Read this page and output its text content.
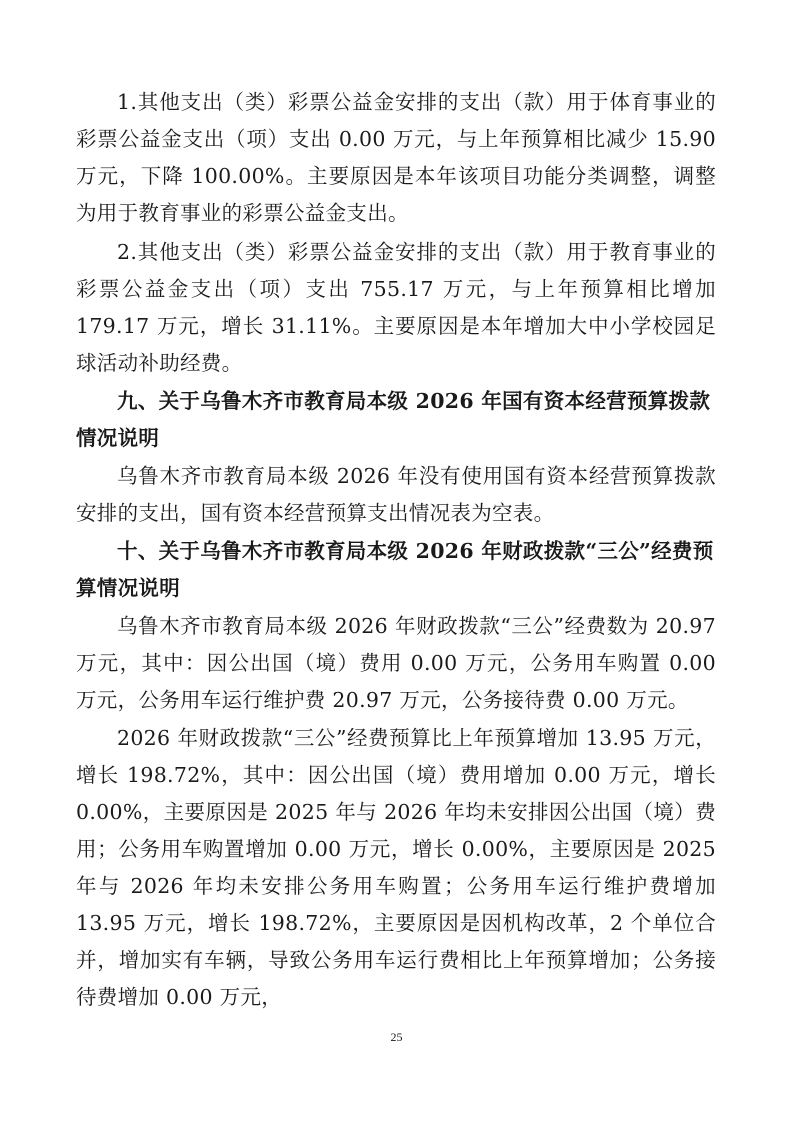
1.其他支出（类）彩票公益金安排的支出（款）用于体育事业的彩票公益金支出（项）支出 0.00 万元，与上年预算相比减少 15.90 万元，下降 100.00%。主要原因是本年该项目功能分类调整，调整为用于教育事业的彩票公益金支出。

2.其他支出（类）彩票公益金安排的支出（款）用于教育事业的彩票公益金支出（项）支出 755.17 万元，与上年预算相比增加 179.17 万元，增长 31.11%。主要原因是本年增加大中小学校园足球活动补助经费。

九、关于乌鲁木齐市教育局本级 2026 年国有资本经营预算拨款情况说明

乌鲁木齐市教育局本级 2026 年没有使用国有资本经营预算拨款安排的支出，国有资本经营预算支出情况表为空表。

十、关于乌鲁木齐市教育局本级 2026 年财政拨款“三公”经费预算情况说明

乌鲁木齐市教育局本级 2026 年财政拨款“三公”经费数为 20.97 万元，其中：因公出国（境）费用 0.00 万元，公务用车购置 0.00 万元，公务用车运行维护费 20.97 万元，公务接待费 0.00 万元。

2026 年财政拨款“三公”经费预算比上年预算增加 13.95 万元，增长 198.72%，其中：因公出国（境）费用增加 0.00 万元，增长 0.00%，主要原因是 2025 年与 2026 年均未安排因公出国（境）费用；公务用车购置增加 0.00 万元，增长 0.00%，主要原因是 2025 年与 2026 年均未安排公务用车购置；公务用车运行维护费增加 13.95 万元，增长 198.72%，主要原因是因机构改革，2 个单位合并，增加实有车辆，导致公务用车运行费相比上年预算增加；公务接待费增加 0.00 万元，

25
